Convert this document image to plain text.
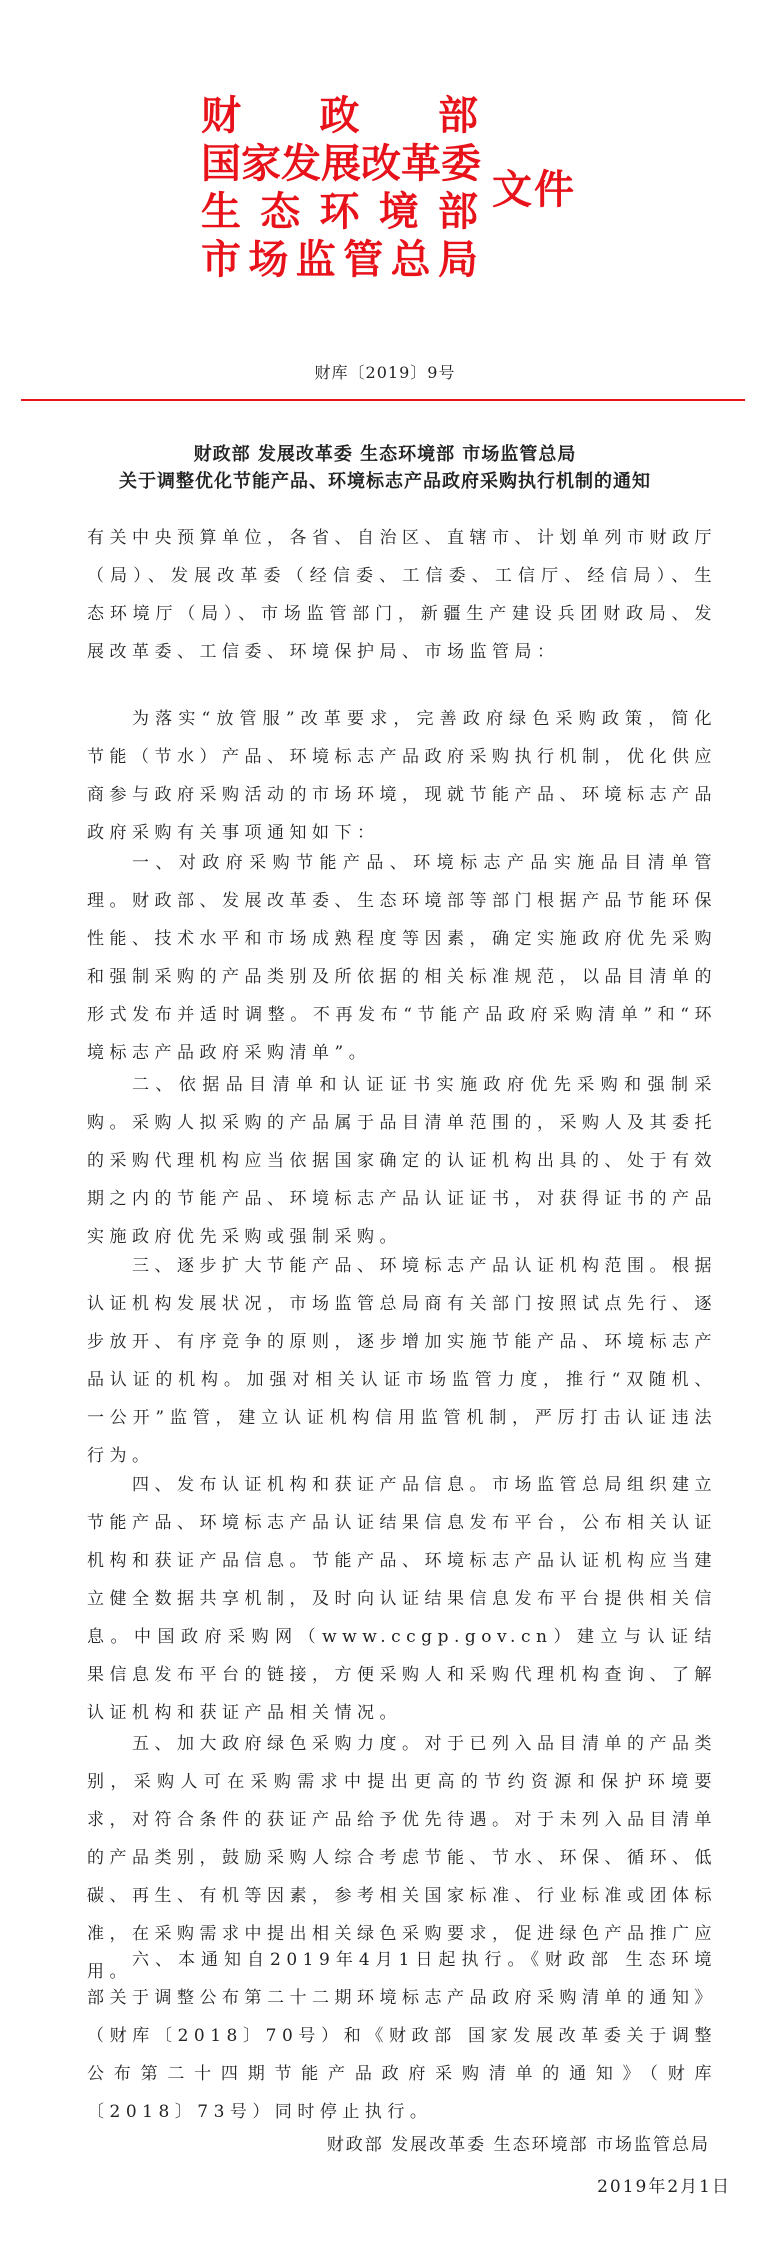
财政部
国家发展改革委
生态环境部
市场监管总局
文件
财库〔2019〕9号
财政部 发展改革委 生态环境部 市场监管总局
关于调整优化节能产品、环境标志产品政府采购执行机制的通知
有关中央预算单位，各省、自治区、直辖市、计划单列市财政厅（局）、发展改革委（经信委、工信委、工信厅、经信局）、生态环境厅（局）、市场监管部门，新疆生产建设兵团财政局、发展改革委、工信委、环境保护局、市场监管局：
为落实“放管服”改革要求，完善政府绿色采购政策，简化节能（节水）产品、环境标志产品政府采购执行机制，优化供应商参与政府采购活动的市场环境，现就节能产品、环境标志产品政府采购有关事项通知如下：
一、对政府采购节能产品、环境标志产品实施品目清单管理。财政部、发展改革委、生态环境部等部门根据产品节能环保性能、技术水平和市场成熟程度等因素，确定实施政府优先采购和强制采购的产品类别及所依据的相关标准规范，以品目清单的形式发布并适时调整。不再发布“节能产品政府采购清单”和“环境标志产品政府采购清单”。
二、依据品目清单和认证证书实施政府优先采购和强制采购。采购人拟采购的产品属于品目清单范围的，采购人及其委托的采购代理机构应当依据国家确定的认证机构出具的、处于有效期之内的节能产品、环境标志产品认证证书，对获得证书的产品实施政府优先采购或强制采购。
三、逐步扩大节能产品、环境标志产品认证机构范围。根据认证机构发展状况，市场监管总局商有关部门按照试点先行、逐步放开、有序竞争的原则，逐步增加实施节能产品、环境标志产品认证的机构。加强对相关认证市场监管力度，推行“双随机、一公开”监管，建立认证机构信用监管机制，严厉打击认证违法行为。
四、发布认证机构和获证产品信息。市场监管总局组织建立节能产品、环境标志产品认证结果信息发布平台，公布相关认证机构和获证产品信息。节能产品、环境标志产品认证机构应当建立健全数据共享机制，及时向认证结果信息发布平台提供相关信息。中国政府采购网（www.ccgp.gov.cn）建立与认证结果信息发布平台的链接，方便采购人和采购代理机构查询、了解认证机构和获证产品相关情况。
五、加大政府绿色采购力度。对于已列入品目清单的产品类别，采购人可在采购需求中提出更高的节约资源和保护环境要求，对符合条件的获证产品给予优先待遇。对于未列入品目清单的产品类别，鼓励采购人综合考虑节能、节水、环保、循环、低碳、再生、有机等因素，参考相关国家标准、行业标准或团体标准，在采购需求中提出相关绿色采购要求，促进绿色产品推广应用。
六、本通知自2019年4月1日起执行。《财政部 生态环境部关于调整公布第二十二期环境标志产品政府采购清单的通知》（财库〔2018〕70号）和《财政部 国家发展改革委关于调整公布第二十四期节能产品政府采购清单的通知》（财库〔2018〕73号）同时停止执行。
财政部 发展改革委 生态环境部 市场监管总局
2019年2月1日
